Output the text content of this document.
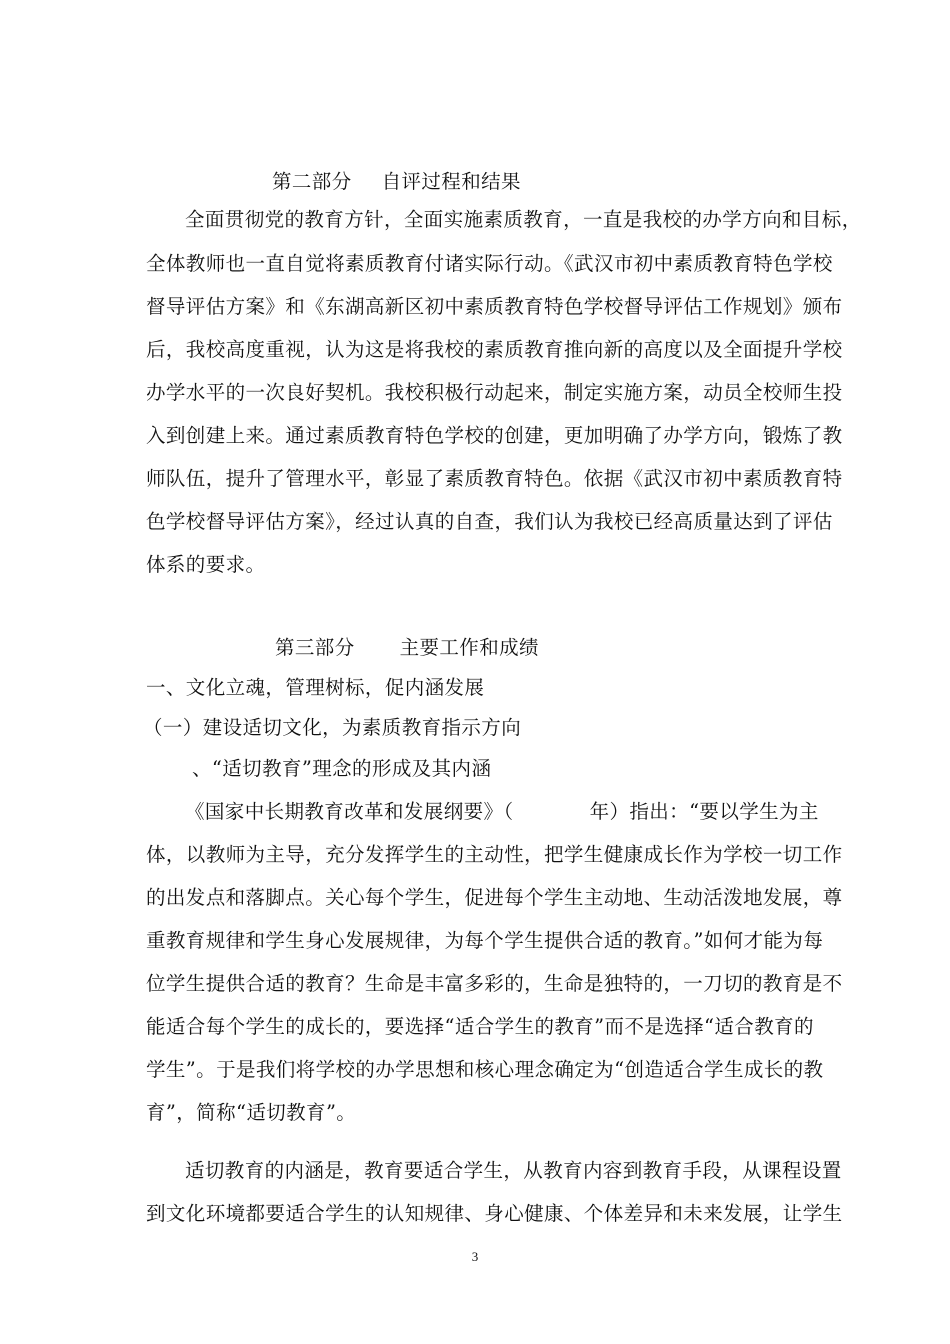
第二部分 自评过程和结果
全面贯彻党的教育方针，全面实施素质教育，一直是我校的办学方向和目标，
全体教师也一直自觉将素质教育付诸实际行动。《武汉市初中素质教育特色学校
督导评估方案》和《东湖高新区初中素质教育特色学校督导评估工作规划》颁布
后，我校高度重视，认为这是将我校的素质教育推向新的高度以及全面提升学校
办学水平的一次良好契机。我校积极行动起来，制定实施方案，动员全校师生投
入到创建上来。通过素质教育特色学校的创建，更加明确了办学方向，锻炼了教
师队伍，提升了管理水平，彰显了素质教育特色。依据《武汉市初中素质教育特
色学校督导评估方案》，经过认真的自查，我们认为我校已经高质量达到了评估
体系的要求。
第三部分 主要工作和成绩
一、文化立魂，管理树标，促内涵发展
（一）建设适切文化，为素质教育指示方向
、“适切教育”理念的形成及其内涵
《国家中长期教育改革和发展纲要》（	年）指出：“要以学生为主
体，以教师为主导，充分发挥学生的主动性，把学生健康成长作为学校一切工作
的出发点和落脚点。关心每个学生，促进每个学生主动地、生动活泼地发展，尊
重教育规律和学生身心发展规律，为每个学生提供合适的教育。”如何才能为每
位学生提供合适的教育？生命是丰富多彩的，生命是独特的，一刀切的教育是不
能适合每个学生的成长的，要选择“适合学生的教育”而不是选择“适合教育的
学生”。于是我们将学校的办学思想和核心理念确定为“创造适合学生成长的教
育”，简称“适切教育”。
适切教育的内涵是，教育要适合学生，从教育内容到教育手段，从课程设置
到文化环境都要适合学生的认知规律、身心健康、个体差异和未来发展，让学生
3
